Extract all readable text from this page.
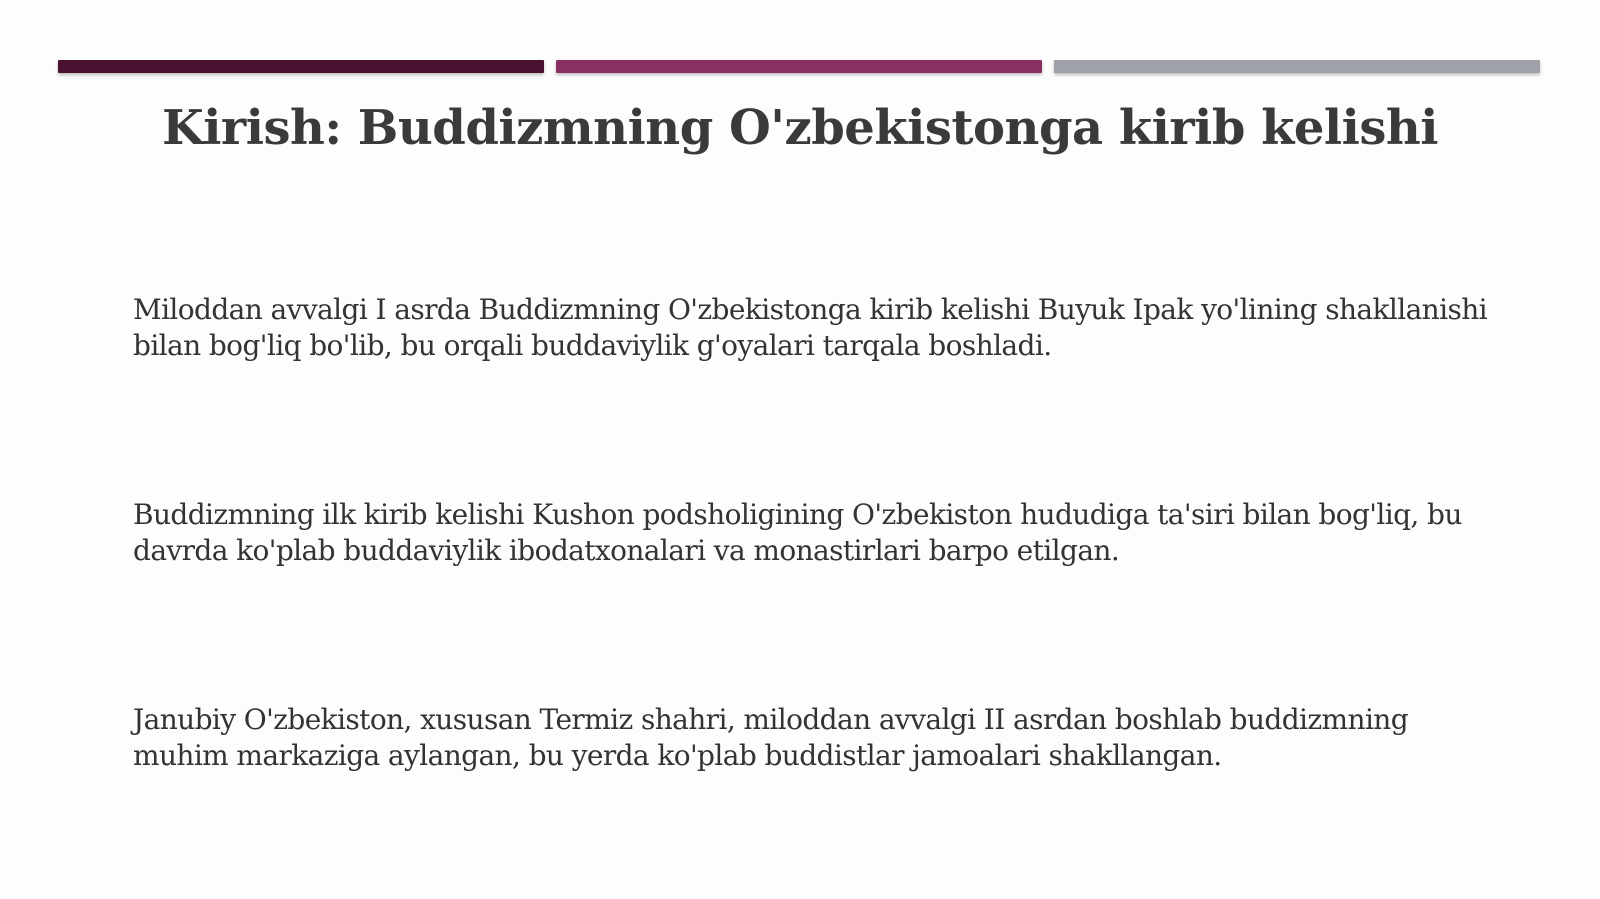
Kirish: Buddizmning O'zbekistonga kirib kelishi
Miloddan avvalgi I asrda Buddizmning O'zbekistonga kirib kelishi Buyuk Ipak yo'lining shakllanishi bilan bog'liq bo'lib, bu orqali buddaviylik g'oyalari tarqala boshladi.
Buddizmning ilk kirib kelishi Kushon podsholigining O'zbekiston hududiga ta'siri bilan bog'liq, bu davrda ko'plab buddaviylik ibodatxonalari va monastirlari barpo etilgan.
Janubiy O'zbekiston, xususan Termiz shahri, miloddan avvalgi II asrdan boshlab buddizmning muhim markaziga aylangan, bu yerda ko'plab buddistlar jamoalari shakllangan.
